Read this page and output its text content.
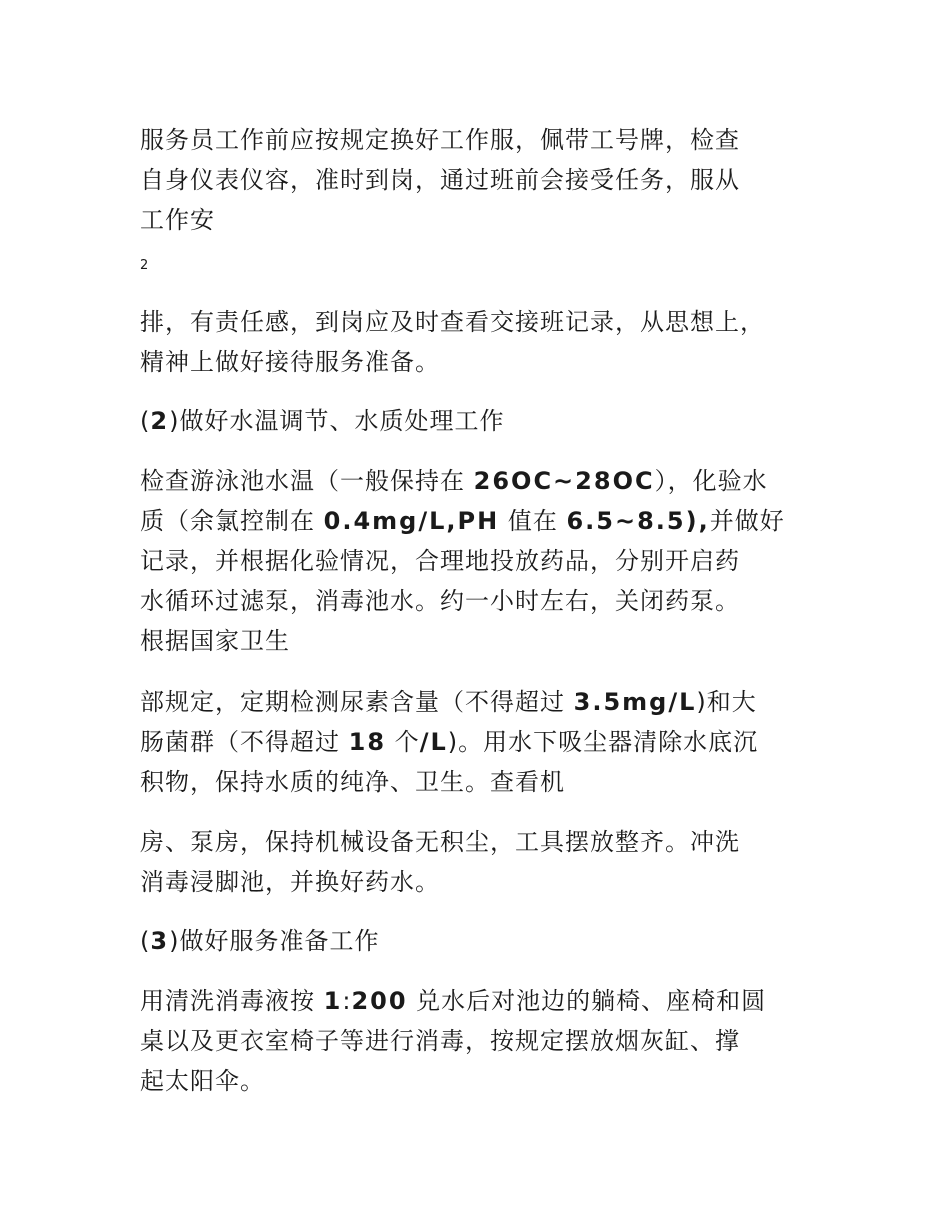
服务员工作前应按规定换好工作服，佩带工号牌，检查
自身仪表仪容，准时到岗，通过班前会接受任务，服从
工作安

2

排，有责任感，到岗应及时查看交接班记录，从思想上，
精神上做好接待服务准备。

(2)做好水温调节、水质处理工作

检查游泳池水温（一般保持在 26OC~28OC），化验水
质（余氯控制在 0.4mg/L,PH 值在 6.5~8.5),并做好
记录，并根据化验情况，合理地投放药品，分别开启药
水循环过滤泵，消毒池水。约一小时左右，关闭药泵。
根据国家卫生

部规定，定期检测尿素含量（不得超过 3.5mg/L)和大
肠菌群（不得超过 18 个/L)。用水下吸尘器清除水底沉
积物，保持水质的纯净、卫生。查看机

房、泵房，保持机械设备无积尘，工具摆放整齐。冲洗
消毒浸脚池，并换好药水。

(3)做好服务准备工作

用清洗消毒液按 1:200 兑水后对池边的躺椅、座椅和圆
桌以及更衣室椅子等进行消毒，按规定摆放烟灰缸、撑
起太阳伞。
